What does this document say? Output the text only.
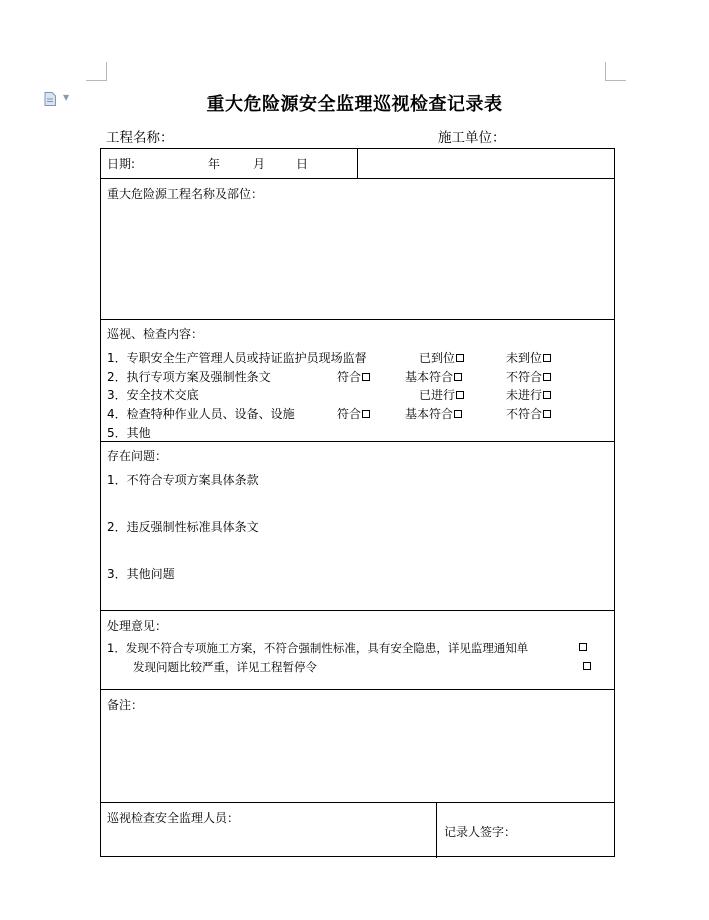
▼	重大危险源安全监理巡视检查记录表
工程名称：	施工单位：
日期:	年	月	日
重大危险源工程名称及部位：
巡视、检查内容：
1．专职安全生产管理人员或持证监护员现场监督	已到位	未到位
2．执行专项方案及强制性条文	符合	基本符合	不符合
3．安全技术交底	已进行	未进行
4．检查特种作业人员、设备、设施	符合	基本符合	不符合
5．其他
存在问题：
1．不符合专项方案具体条款
2．违反强制性标准具体条文
3．其他问题
处理意见：
1．发现不符合专项施工方案，不符合强制性标准，具有安全隐患，详见监理通知单
发现问题比较严重，详见工程暂停令
备注：
巡视检查安全监理人员：
记录人签字：
